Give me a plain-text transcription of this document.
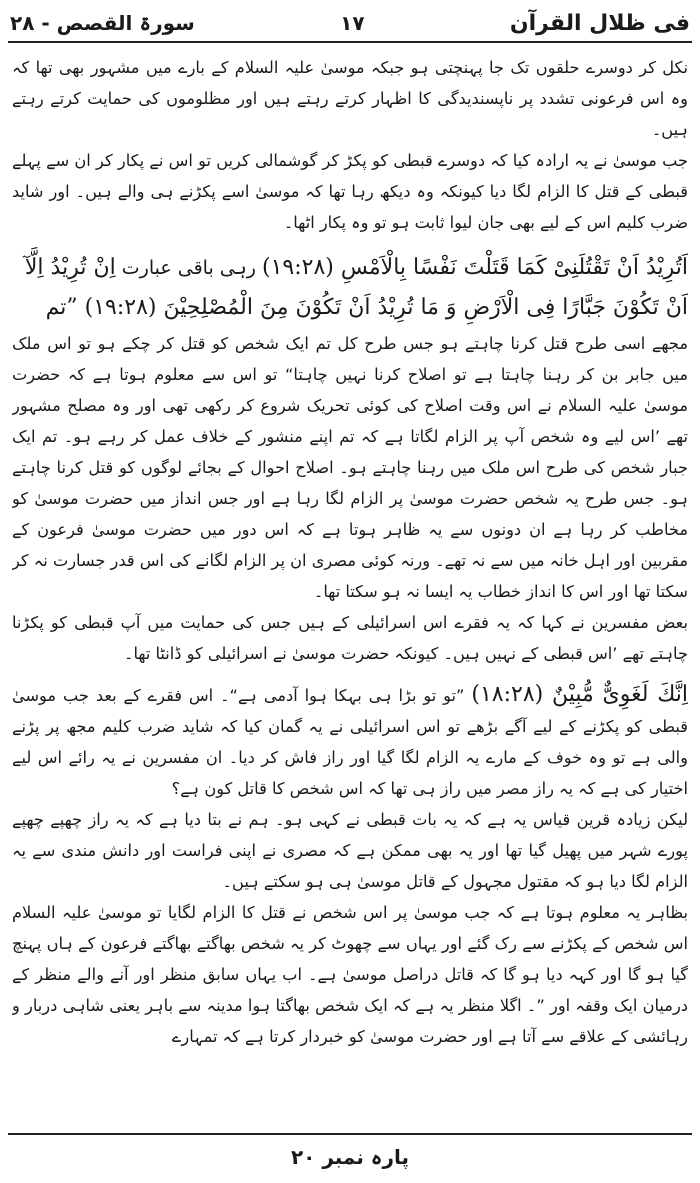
فی ظلال القرآن
۱۷
سورۃ القصص - ۲۸

نکل کر دوسرے حلقوں تک جا پہنچتی ہو جبکہ موسیٰ علیہ السلام کے بارے میں مشہور بھی تھا کہ وہ اس فرعونی تشدد پر ناپسندیدگی کا اظہار کرتے رہتے ہیں اور مظلوموں کی حمایت کرتے رہتے ہیں۔

جب موسیٰ نے یہ ارادہ کیا کہ دوسرے قبطی کو پکڑ کر گوشمالی کریں تو اس نے پکار کر ان سے پہلے قبطی کے قتل کا الزام لگا دیا کیونکہ وہ دیکھ رہا تھا کہ موسیٰ اسے پکڑنے ہی والے ہیں۔ اور شاید ضرب کلیم اس کے لیے بھی جان لیوا ثابت ہو تو وہ پکار اٹھا۔

اَتُرِیْدُ اَنْ تَقْتُلَنِیْ كَمَا قَتَلْتَ نَفْسًا بِالْاَمْسِ (۱۹:۲۸) رہی باقی عبارت اِنْ تُرِیْدُ اِلَّآ

اَنْ تَكُوْنَ جَبَّارًا فِی الْاَرْضِ وَ مَا تُرِیْدُ اَنْ تَكُوْنَ مِنَ الْمُصْلِحِیْنَ (۱۹:۲۸) ”تم

مجھے اسی طرح قتل کرنا چاہتے ہو جس طرح کل تم ایک شخص کو قتل کر چکے ہو تو اس ملک میں جابر بن کر رہنا چاہتا ہے تو اصلاح کرنا نہیں چاہتا“ تو اس سے معلوم ہوتا ہے کہ حضرت موسیٰ علیہ السلام نے اس وقت اصلاح کی کوئی تحریک شروع کر رکھی تھی اور وہ مصلح مشہور تھے ’اس لیے وہ شخص آپ پر الزام لگاتا ہے کہ تم اپنے منشور کے خلاف عمل کر رہے ہو۔ تم ایک جبار شخص کی طرح اس ملک میں رہنا چاہتے ہو۔ اصلاح احوال کے بجائے لوگوں کو قتل کرنا چاہتے ہو۔ جس طرح یہ شخص حضرت موسیٰ پر الزام لگا رہا ہے اور جس انداز میں حضرت موسیٰ کو مخاطب کر رہا ہے ان دونوں سے یہ ظاہر ہوتا ہے کہ اس دور میں حضرت موسیٰ فرعون کے مقربین اور اہل خانہ میں سے نہ تھے۔ ورنہ کوئی مصری ان پر الزام لگانے کی اس قدر جسارت نہ کر سکتا تھا اور اس کا انداز خطاب یہ ایسا نہ ہو سکتا تھا۔

بعض مفسرین نے کہا کہ یہ فقرے اس اسرائیلی کے ہیں جس کی حمایت میں آپ قبطی کو پکڑنا چاہتے تھے ’اس قبطی کے نہیں ہیں۔ کیونکہ حضرت موسیٰ نے اسرائیلی کو ڈانٹا تھا۔

اِنَّكَ لَغَوِیٌّ مُّبِیْنٌ (۱۸:۲۸) ”تو تو بڑا ہی بہکا ہوا آدمی ہے“۔ اس فقرے کے بعد جب موسیٰ قبطی کو پکڑنے کے لیے آگے بڑھے تو اس اسرائیلی نے یہ گمان کیا کہ شاید ضرب کلیم مجھ پر پڑنے والی ہے تو وہ خوف کے مارے یہ الزام لگا گیا اور راز فاش کر دیا۔ ان مفسرین نے یہ رائے اس لیے اختیار کی ہے کہ یہ راز مصر میں راز ہی تھا کہ اس شخص کا قاتل کون ہے؟

لیکن زیادہ قرین قیاس یہ ہے کہ یہ بات قبطی نے کہی ہو۔ ہم نے بتا دیا ہے کہ یہ راز چھپے چھپے پورے شہر میں پھیل گیا تھا اور یہ بھی ممکن ہے کہ مصری نے اپنی فراست اور دانش مندی سے یہ الزام لگا دیا ہو کہ مقتول مجہول کے قاتل موسیٰ ہی ہو سکتے ہیں۔

بظاہر یہ معلوم ہوتا ہے کہ جب موسیٰ پر اس شخص نے قتل کا الزام لگایا تو موسیٰ علیہ السلام اس شخص کے پکڑنے سے رک گئے اور یہاں سے چھوٹ کر یہ شخص بھاگتے بھاگتے فرعون کے ہاں پہنچ گیا ہو گا اور کہہ دیا ہو گا کہ قاتل دراصل موسیٰ ہے۔ اب یہاں سابق منظر اور آنے والے منظر کے درمیان ایک وقفہ اور ”۔ اگلا منظر یہ ہے کہ ایک شخص بھاگتا ہوا مدینہ سے باہر یعنی شاہی دربار و رہائشی کے علاقے سے آتا ہے اور حضرت موسیٰ کو خبردار کرتا ہے کہ تمہارے

پارہ نمبر ۲۰
